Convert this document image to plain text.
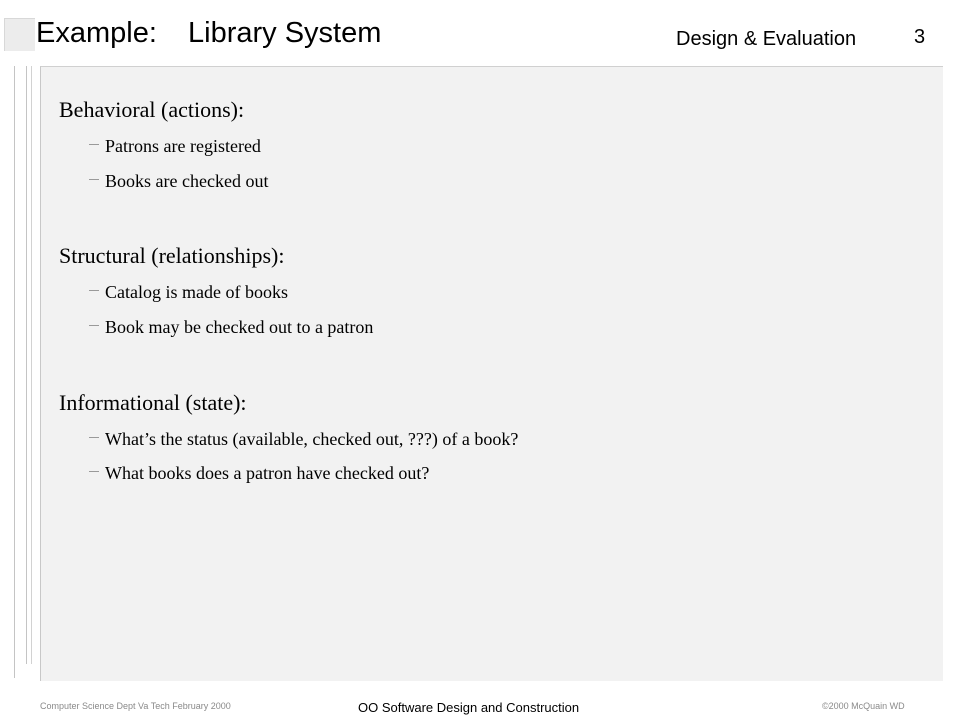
Example: Library System	Design & Evaluation	3
Behavioral (actions):
Patrons are registered
Books are checked out
Structural (relationships):
Catalog is made of books
Book may be checked out to a patron
Informational (state):
What’s the status (available, checked out, ???) of a book?
What books does a patron have checked out?
Computer Science Dept Va Tech February 2000	OO Software Design and Construction	©2000 McQuain WD
